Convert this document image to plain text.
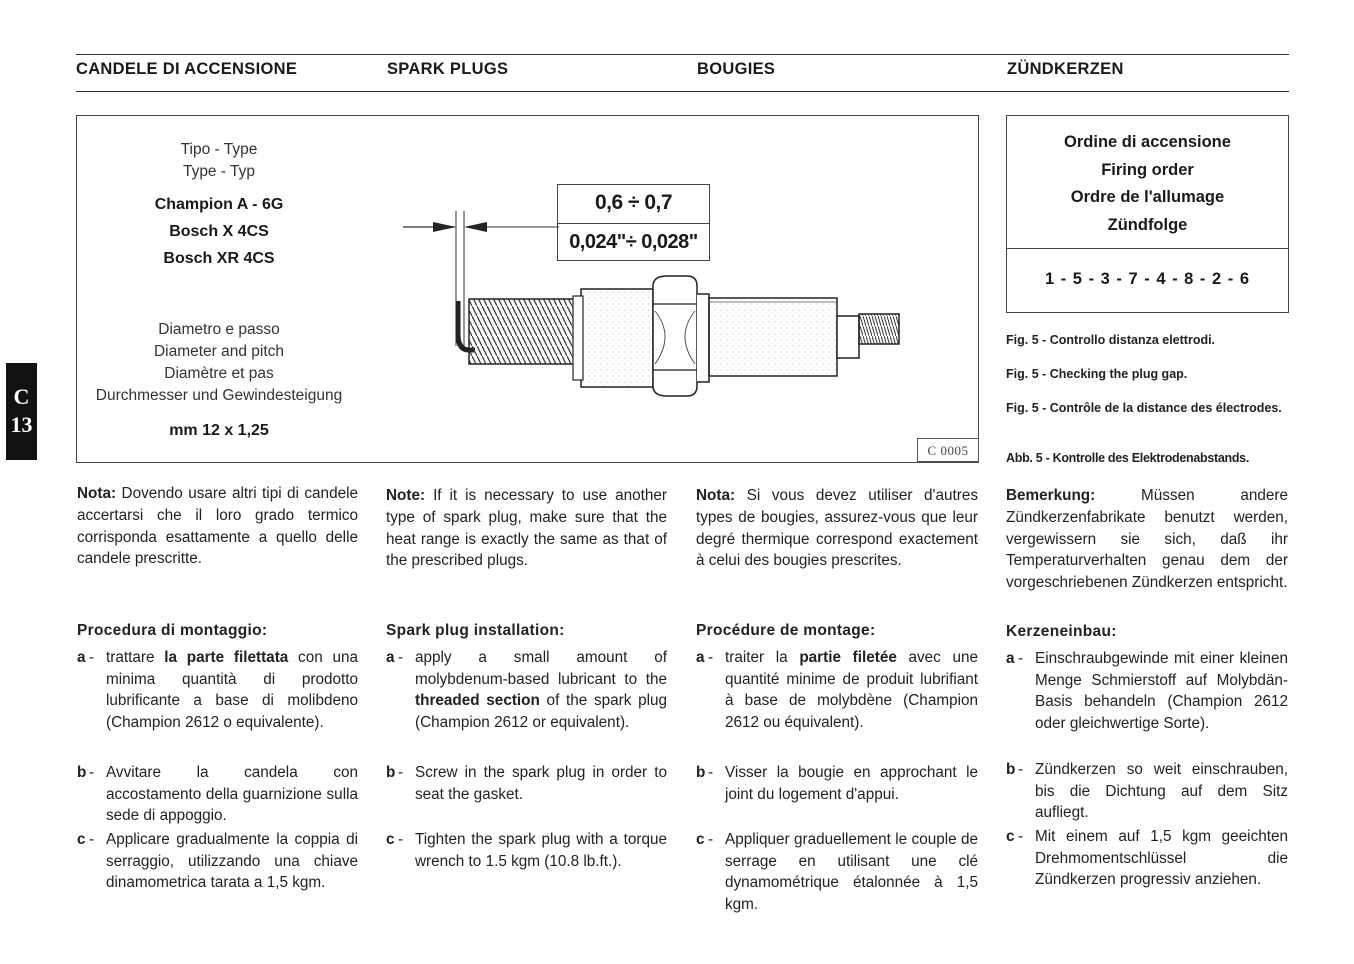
CANDELE DI ACCENSIONE	SPARK PLUGS	BOUGIES	ZÜNDKERZEN
C
13
Tipo - Type
Type - Typ
Champion A - 6G
Bosch X 4CS
Bosch XR 4CS
Diametro e passo
Diameter and pitch
Diamètre et pas
Durchmesser und Gewindesteigung
mm 12 x 1,25
0,6 ÷ 0,7
0,024"÷ 0,028"
C 0005
Ordine di accensione
Firing order
Ordre de l'allumage
Zündfolge
1 - 5 - 3 - 7 - 4 - 8 - 2 - 6
Fig. 5 - Controllo distanza elettrodi.
Fig. 5 - Checking the plug gap.
Fig. 5 - Contrôle de la distance des électrodes.
Abb. 5 - Kontrolle des Elektrodenabstands.

Nota: Dovendo usare altri tipi di candele accertarsi che il loro grado termico corrisponda esattamente a quello delle candele prescritte.

Procedura di montaggio:

a - trattare la parte filettata con una minima quantità di prodotto lubrificante a base di molibdeno (Champion 2612 o equivalente).
b - Avvitare la candela con accostamento della guarnizione sulla sede di appoggio.
c - Applicare gradualmente la coppia di serraggio, utilizzando una chiave dinamometrica tarata a 1,5 kgm.

Note: If it is necessary to use another type of spark plug, make sure that the heat range is exactly the same as that of the prescribed plugs.

Spark plug installation:

a - apply a small amount of molybdenum-based lubricant to the threaded section of the spark plug (Champion 2612 or equivalent).
b - Screw in the spark plug in order to seat the gasket.
c - Tighten the spark plug with a torque wrench to 1.5 kgm (10.8 lb.ft.).

Nota: Si vous devez utiliser d'autres types de bougies, assurez-vous que leur degré thermique correspond exactement à celui des bougies prescrites.

Procédure de montage:

a - traiter la partie filetée avec une quantité minime de produit lubrifiant à base de molybdène (Champion 2612 ou équivalent).
b - Visser la bougie en approchant le joint du logement d'appui.
c - Appliquer graduellement le couple de serrage en utilisant une clé dynamométrique étalonnée à 1,5 kgm.

Bemerkung:	Müssen andere Zündkerzenfabrikate benutzt werden, vergewissern sie sich, daß ihr Temperaturverhalten genau dem der vorgeschriebenen Zündkerzen entspricht.

Kerzeneinbau:

a - Einschraubgewinde mit einer kleinen Menge Schmierstoff auf Molybdän-Basis behandeln (Champion 2612 oder gleichwertige Sorte).
b - Zündkerzen so weit einschrauben, bis die Dichtung auf dem Sitz aufliegt.
c - Mit einem auf 1,5 kgm geeichten Drehmomentschlüssel die Zündkerzen progressiv anziehen.
